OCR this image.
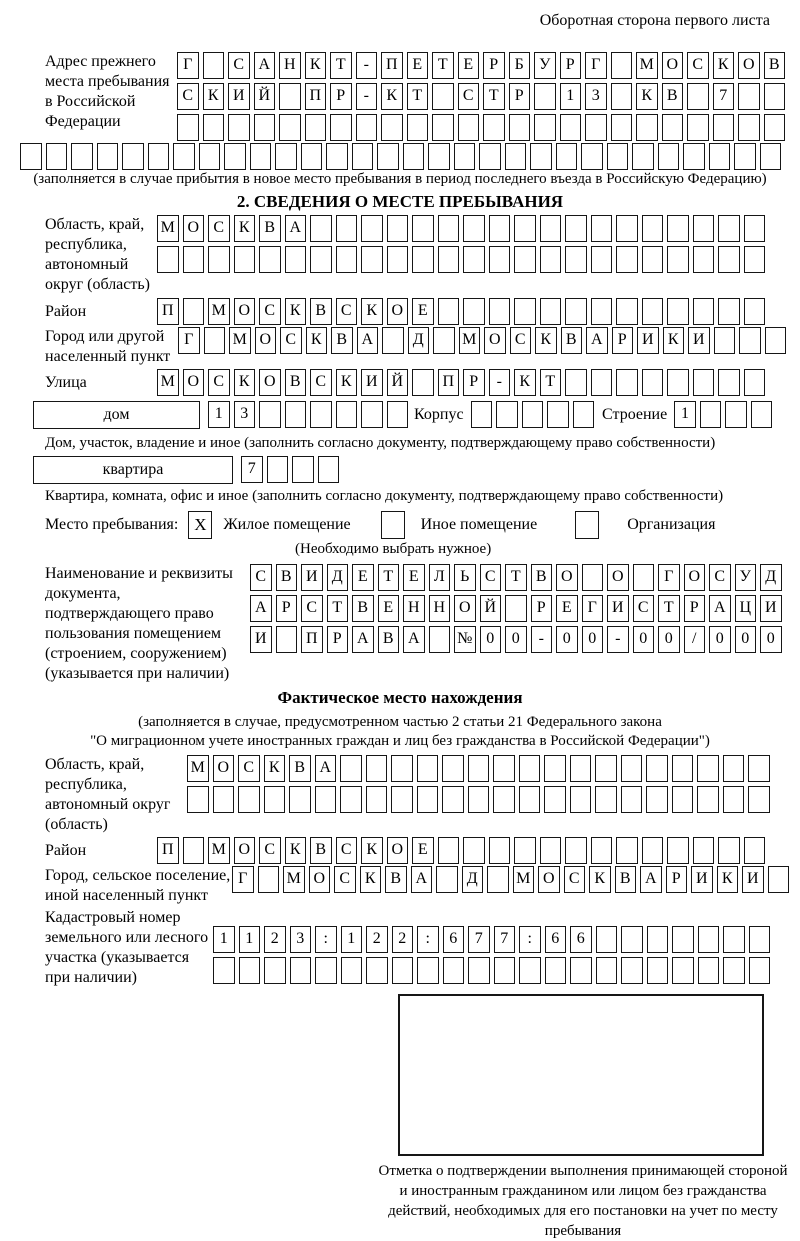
Оборотная сторона первого листа
Адрес прежнего места пребывания в Российской Федерации
Г	С А Н К Т - П Е Т Е Р Б У Р Г М О С К О В
С К И Й П Р - К Т	С Т Р	1 3	К В	7
(заполняется в случае прибытия в новое место пребывания в период последнего въезда в Российскую Федерацию)
2. СВЕДЕНИЯ О МЕСТЕ ПРЕБЫВАНИЯ
Область, край, республика, автономный округ (область)
М О С К В А
Район	П М О С К В С К О Е
Город или другой населенный пункт
Г М О С К В А Д М О С К В А Р И К И
Улица	М О С К О В С К И Й П Р - К Т
дом	1 3	Корпус	Строение 1
Дом, участок, владение и иное (заполнить согласно документу, подтверждающему право собственности)
квартира	7
Квартира, комната, офис и иное (заполнить согласно документу, подтверждающему право собственности)
Место пребывания: X	Жилое помещение	Иное помещение	Организация
(Необходимо выбрать нужное)
Наименование и реквизиты документа, подтверждающего право пользования помещением (строением, сооружением) (указывается при наличии)
С В И Д Е Т Е Л Ь С Т В О О	Г О С У Д
А Р С Т В Е Н Н О Й	Р Е Г И С Т Р А Ц И
И П Р А В А № 0 0 - 0 0 - 0 0 / 0 0 0
Фактическое место нахождения
(заполняется в случае, предусмотренном частью 2 статьи 21 Федерального закона
"О миграционном учете иностранных граждан и лиц без гражданства в Российской Федерации")
Область, край, республика, автономный округ (область)
М О С К В А
Район	П М О С К В С К О Е
Город, сельское поселение, иной населенный пункт
Г М О С К В А Д М О С К В А Р И К И
Кадастровый номер земельного или лесного участка (указывается при наличии)
1 1 2 3 : 1 2 2 : 6 7 7 : 6 6
Отметка о подтверждении выполнения принимающей стороной и иностранным гражданином или лицом без гражданства действий, необходимых для его постановки на учет по месту пребывания
